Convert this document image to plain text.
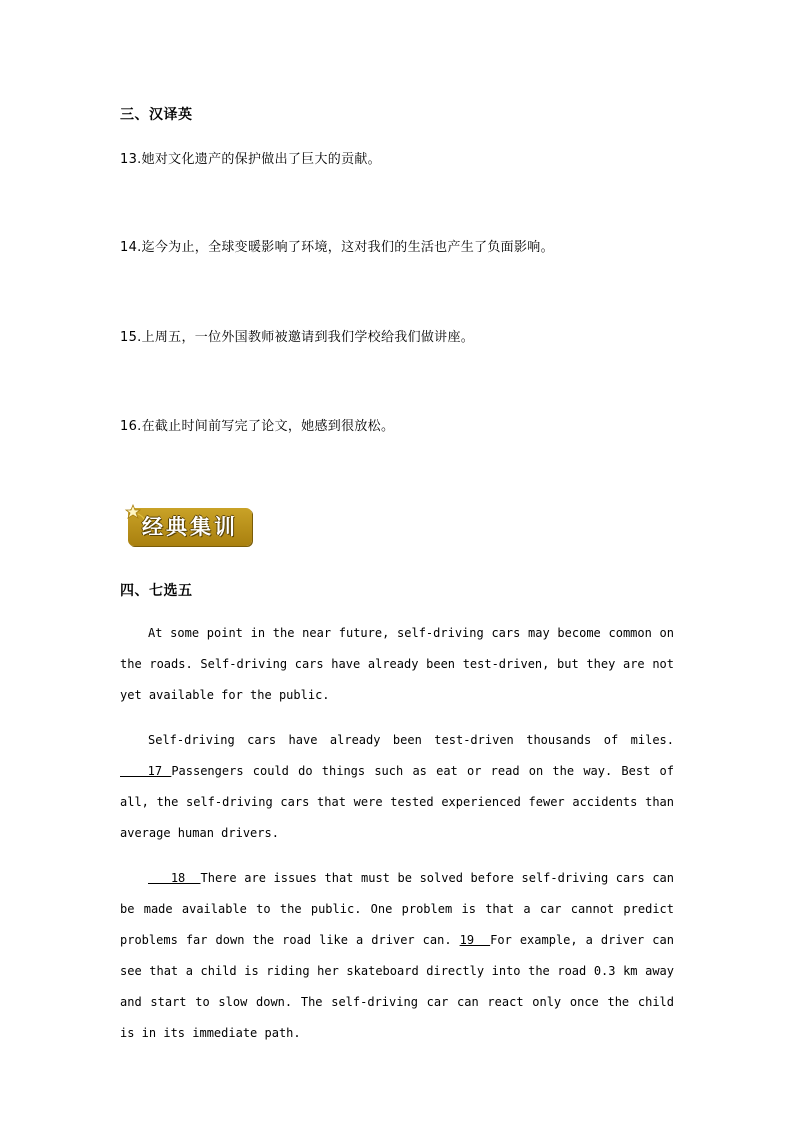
三、汉译英
13.她对文化遗产的保护做出了巨大的贡献。
14.迄今为止，全球变暖影响了环境，这对我们的生活也产生了负面影响。
15.上周五，一位外国教师被邀请到我们学校给我们做讲座。
16.在截止时间前写完了论文，她感到很放松。
经典集训
四、七选五

At some point in the near future, self-driving cars may become common on the roads. Self-driving cars have already been test-driven, but they are not yet available for the public.

Self-driving cars have already been test-driven thousands of miles.    17 Passengers could do things such as eat or read on the way. Best of all, the self-driving cars that were tested experienced fewer accidents than average human drivers.

18  There are issues that must be solved before self-driving cars can be made available to the public. One problem is that a car cannot predict problems far down the road like a driver can. 19  For example, a driver can see that a child is riding her skateboard directly into the road 0.3 km away and start to slow down. The self-driving car can react only once the child is in its immediate path.
